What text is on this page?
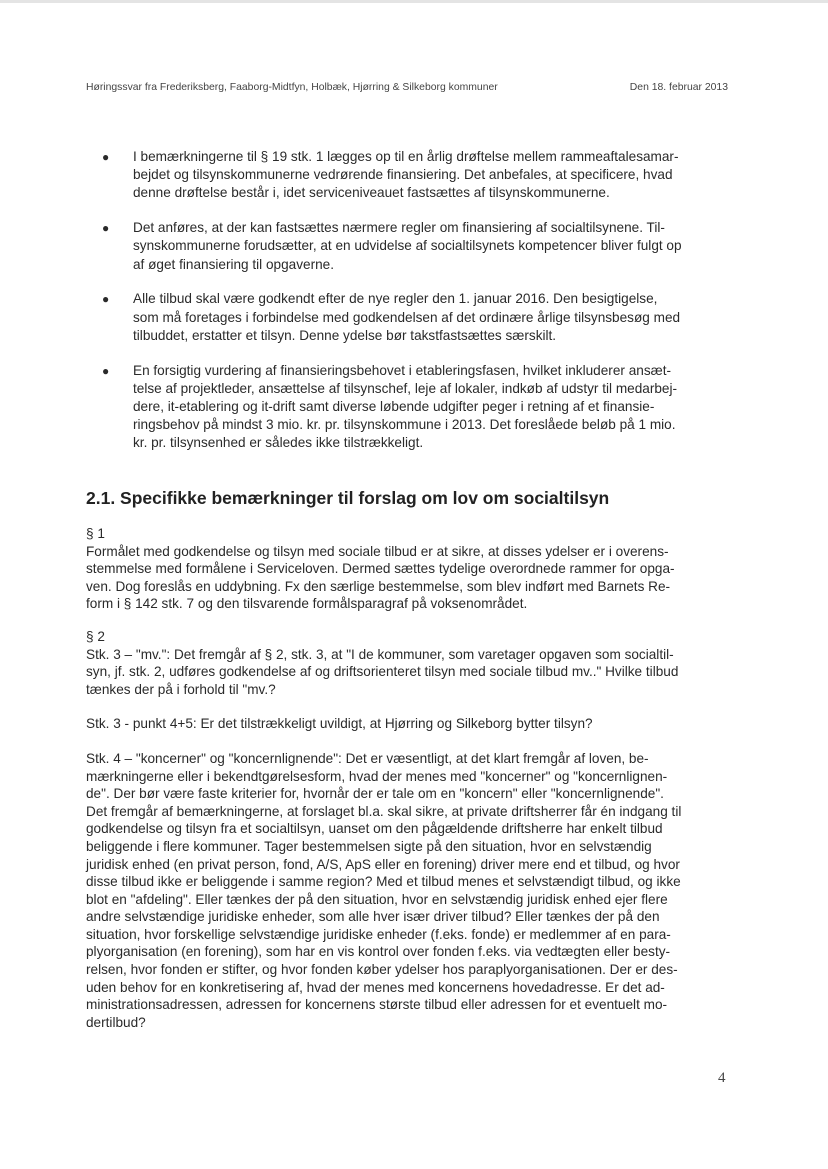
Høringssvar fra Frederiksberg, Faaborg-Midtfyn, Holbæk, Hjørring & Silkeborg kommuner	Den 18. februar 2013
● I bemærkningerne til § 19 stk. 1 lægges op til en årlig drøftelse mellem rammeaftalesamar-
bejdet og tilsynskommunerne vedrørende finansiering. Det anbefales, at specificere, hvad
denne drøftelse består i, idet serviceniveauet fastsættes af tilsynskommunerne.
● Det anføres, at der kan fastsættes nærmere regler om finansiering af socialtilsynene. Til-
synskommunerne forudsætter, at en udvidelse af socialtilsynets kompetencer bliver fulgt op
af øget finansiering til opgaverne.
● Alle tilbud skal være godkendt efter de nye regler den 1. januar 2016. Den besigtigelse,
som må foretages i forbindelse med godkendelsen af det ordinære årlige tilsynsbesøg med
tilbuddet, erstatter et tilsyn. Denne ydelse bør takstfastsættes særskilt.
● En forsigtig vurdering af finansieringsbehovet i etableringsfasen, hvilket inkluderer ansæt-
telse af projektleder, ansættelse af tilsynschef, leje af lokaler, indkøb af udstyr til medarbej-
dere, it-etablering og it-drift samt diverse løbende udgifter peger i retning af et finansie-
ringsbehov på mindst 3 mio. kr. pr. tilsynskommune i 2013. Det foreslåede beløb på 1 mio.
kr. pr. tilsynsenhed er således ikke tilstrækkeligt.
2.1. Specifikke bemærkninger til forslag om lov om socialtilsyn
§ 1
Formålet med godkendelse og tilsyn med sociale tilbud er at sikre, at disses ydelser er i overens-
stemmelse med formålene i Serviceloven. Dermed sættes tydelige overordnede rammer for opga-
ven. Dog foreslås en uddybning. Fx den særlige bestemmelse, som blev indført med Barnets Re-
form i § 142 stk. 7 og den tilsvarende formålsparagraf på voksenområdet.
§ 2
Stk. 3 – "mv.": Det fremgår af § 2, stk. 3, at "I de kommuner, som varetager opgaven som socialtil-
syn, jf. stk. 2, udføres godkendelse af og driftsorienteret tilsyn med sociale tilbud mv.." Hvilke tilbud
tænkes der på i forhold til "mv.?
Stk. 3 - punkt 4+5: Er det tilstrækkeligt uvildigt, at Hjørring og Silkeborg bytter tilsyn?
Stk. 4 – "koncerner" og "koncernlignende": Det er væsentligt, at det klart fremgår af loven, be-
mærkningerne eller i bekendtgørelsesform, hvad der menes med "koncerner" og "koncernlignen-
de". Der bør være faste kriterier for, hvornår der er tale om en "koncern" eller "koncernlignende".
Det fremgår af bemærkningerne, at forslaget bl.a. skal sikre, at private driftsherrer får én indgang til
godkendelse og tilsyn fra et socialtilsyn, uanset om den pågældende driftsherre har enkelt tilbud
beliggende i flere kommuner. Tager bestemmelsen sigte på den situation, hvor en selvstændig
juridisk enhed (en privat person, fond, A/S, ApS eller en forening) driver mere end et tilbud, og hvor
disse tilbud ikke er beliggende i samme region? Med et tilbud menes et selvstændigt tilbud, og ikke
blot en "afdeling". Eller tænkes der på den situation, hvor en selvstændig juridisk enhed ejer flere
andre selvstændige juridiske enheder, som alle hver især driver tilbud? Eller tænkes der på den
situation, hvor forskellige selvstændige juridiske enheder (f.eks. fonde) er medlemmer af en para-
plyorganisation (en forening), som har en vis kontrol over fonden f.eks. via vedtægten eller besty-
relsen, hvor fonden er stifter, og hvor fonden køber ydelser hos paraplyorganisationen. Der er des-
uden behov for en konkretisering af, hvad der menes med koncernens hovedadresse. Er det ad-
ministrationsadressen, adressen for koncernens største tilbud eller adressen for et eventuelt mo-
dertilbud?
4
